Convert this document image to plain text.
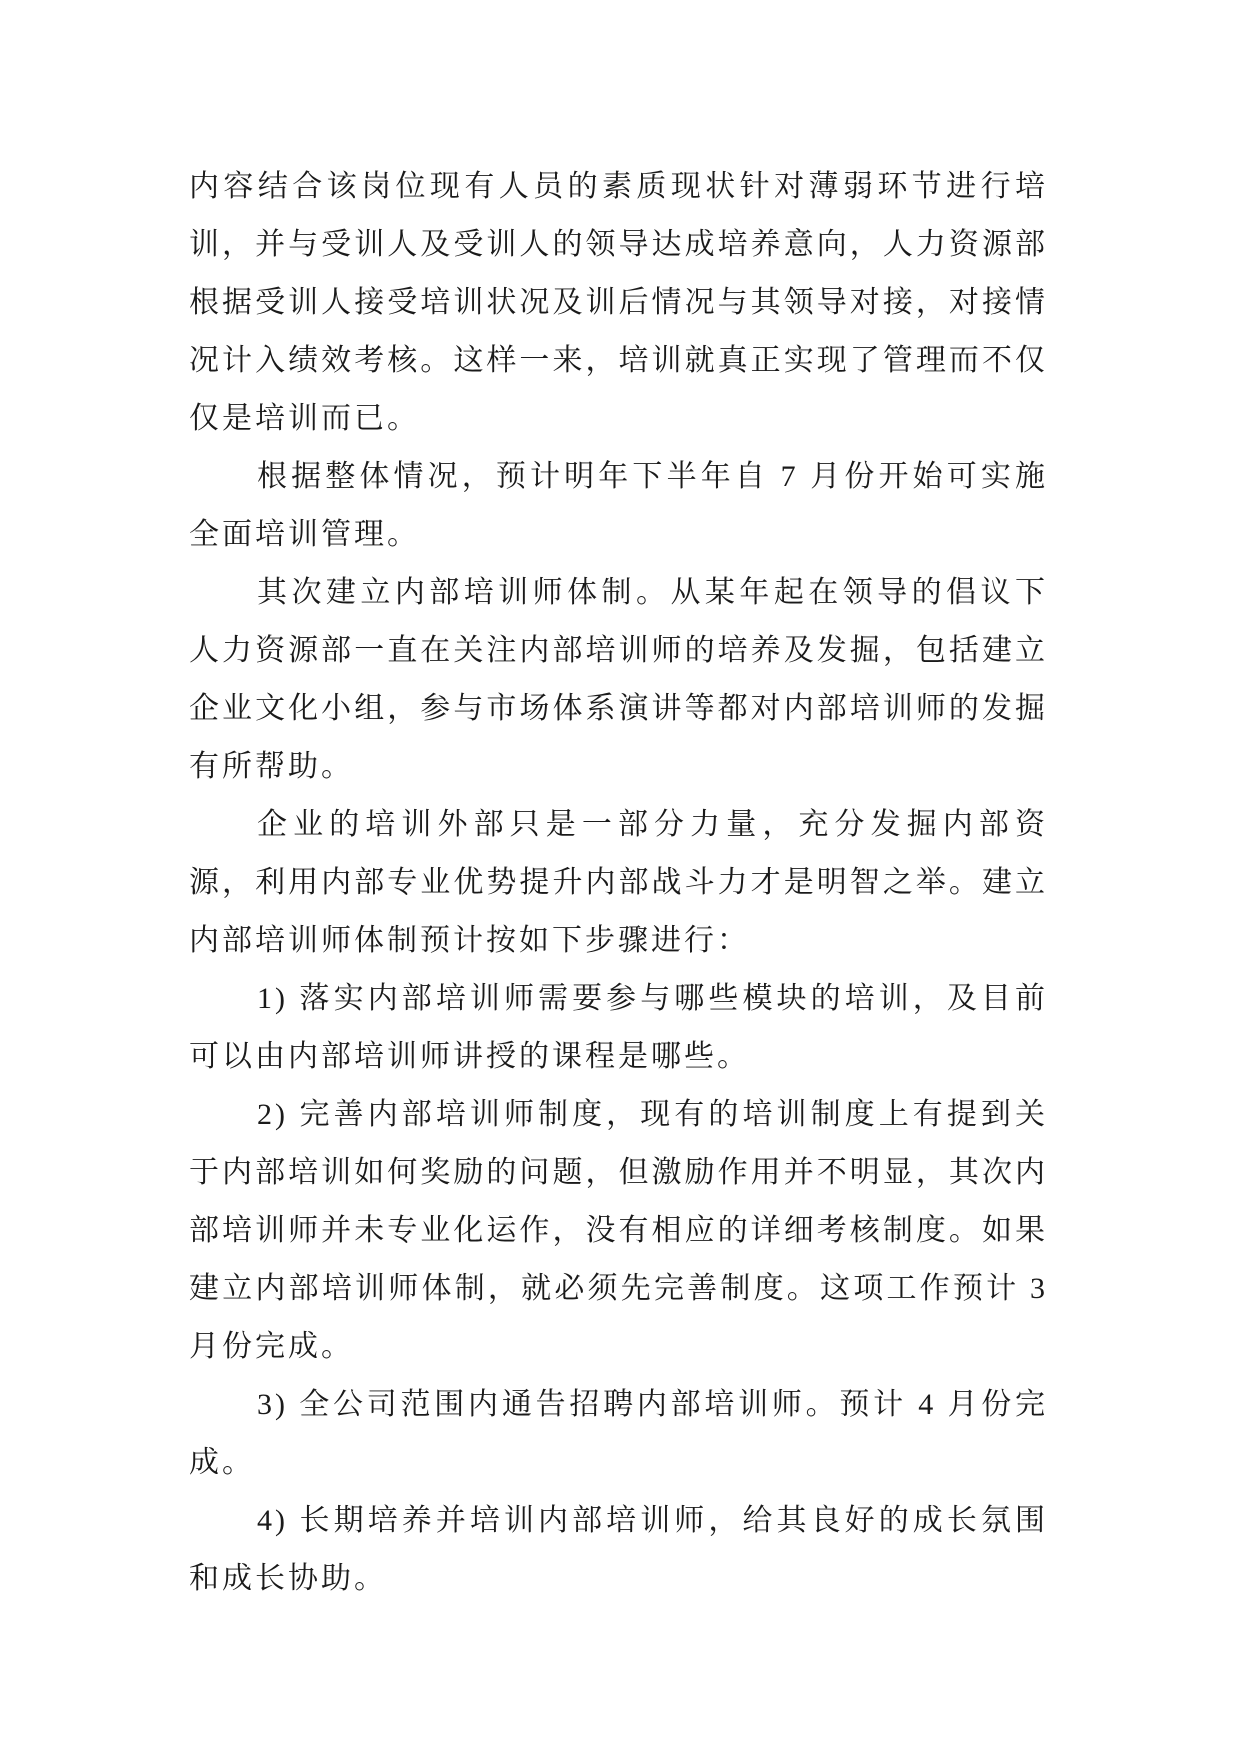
内容结合该岗位现有人员的素质现状针对薄弱环节进行培训，并与受训人及受训人的领导达成培养意向，人力资源部根据受训人接受培训状况及训后情况与其领导对接，对接情况计入绩效考核。这样一来，培训就真正实现了管理而不仅仅是培训而已。

根据整体情况，预计明年下半年自 7 月份开始可实施全面培训管理。

其次建立内部培训师体制。从某年起在领导的倡议下人力资源部一直在关注内部培训师的培养及发掘，包括建立企业文化小组，参与市场体系演讲等都对内部培训师的发掘有所帮助。

企业的培训外部只是一部分力量，充分发掘内部资源，利用内部专业优势提升内部战斗力才是明智之举。建立内部培训师体制预计按如下步骤进行：

1) 落实内部培训师需要参与哪些模块的培训，及目前可以由内部培训师讲授的课程是哪些。

2) 完善内部培训师制度，现有的培训制度上有提到关于内部培训如何奖励的问题，但激励作用并不明显，其次内部培训师并未专业化运作，没有相应的详细考核制度。如果建立内部培训师体制，就必须先完善制度。这项工作预计 3 月份完成。

3) 全公司范围内通告招聘内部培训师。预计 4 月份完成。

4) 长期培养并培训内部培训师，给其良好的成长氛围和成长协助。
